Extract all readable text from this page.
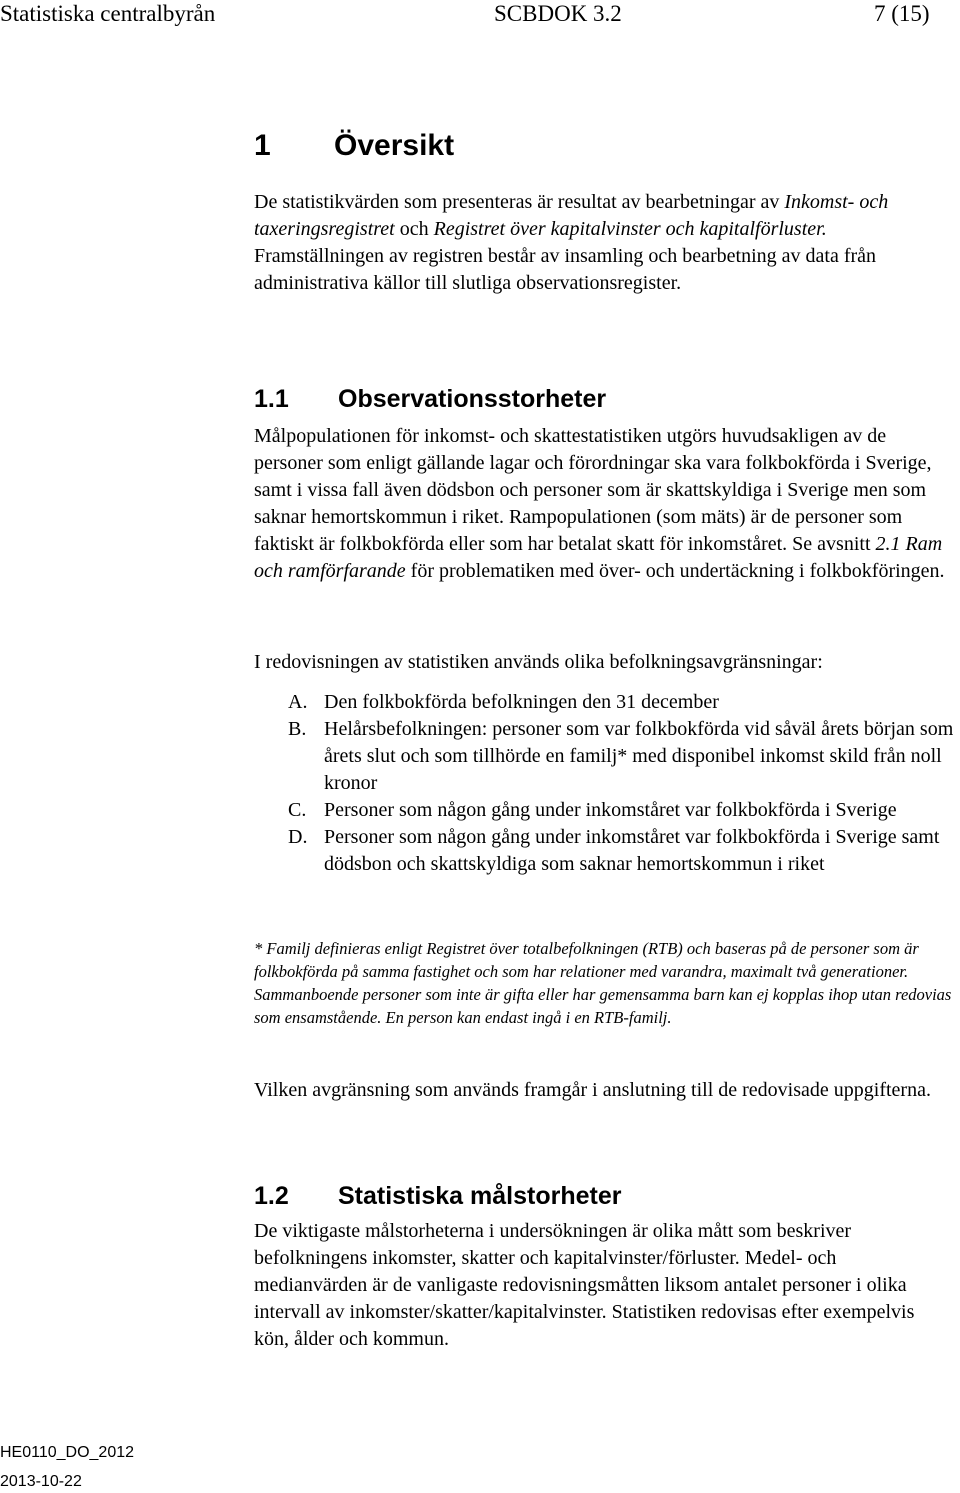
Statistiska centralbyrån	SCBDOK 3.2	7 (15)
1 Översikt

De statistikvärden som presenteras är resultat av bearbetningar av Inkomst- och taxeringsregistret och Registret över kapitalvinster och kapitalförluster. Framställningen av registren består av insamling och bearbetning av data från administrativa källor till slutliga observationsregister.

1.1 Observationsstorheter

Målpopulationen för inkomst- och skattestatistiken utgörs huvudsakligen av de personer som enligt gällande lagar och förordningar ska vara folkbokförda i Sverige, samt i vissa fall även dödsbon och personer som är skattskyldiga i Sverige men som saknar hemortskommun i riket. Rampopulationen (som mäts) är de personer som faktiskt är folkbokförda eller som har betalat skatt för inkomståret. Se avsnitt 2.1 Ram och ramförfarande för problematiken med över- och undertäckning i folkbokföringen.

I redovisningen av statistiken används olika befolkningsavgränsningar:
A. Den folkbokförda befolkningen den 31 december
B. Helårsbefolkningen: personer som var folkbokförda vid såväl årets början som årets slut och som tillhörde en familj* med disponibel inkomst skild från noll kronor
C. Personer som någon gång under inkomståret var folkbokförda i Sverige
D. Personer som någon gång under inkomståret var folkbokförda i Sverige samt dödsbon och skattskyldiga som saknar hemortskommun i riket
* Familj definieras enligt Registret över totalbefolkningen (RTB) och baseras på de personer som är folkbokförda på samma fastighet och som har relationer med varandra, maximalt två generationer. Sammanboende personer som inte är gifta eller har gemensamma barn kan ej kopplas ihop utan redovias som ensamstående. En person kan endast ingå i en RTB-familj.
Vilken avgränsning som används framgår i anslutning till de redovisade uppgifterna.
1.2 Statistiska målstorheter
De viktigaste målstorheterna i undersökningen är olika mått som beskriver befolkningens inkomster, skatter och kapitalvinster/förluster. Medel- och medianvärden är de vanligaste redovisningsmåtten liksom antalet personer i olika intervall av inkomster/skatter/kapitalvinster. Statistiken redovisas efter exempelvis kön, ålder och kommun.
HE0110_DO_2012
2013-10-22
